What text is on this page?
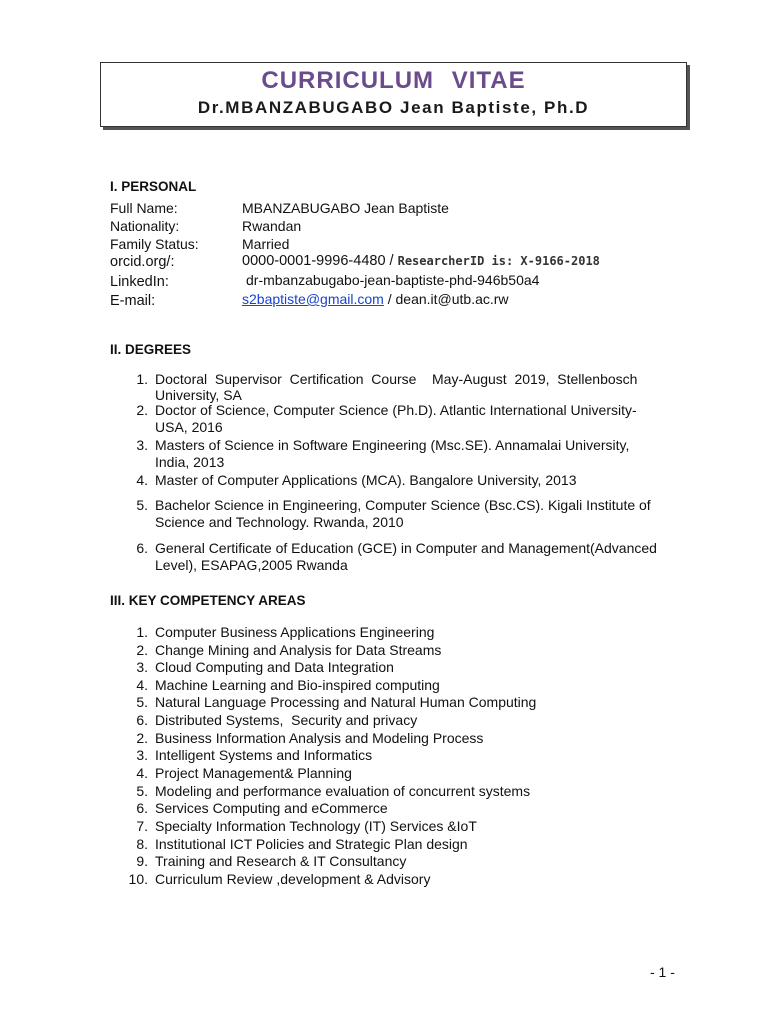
CURRICULUM VITAE
Dr.MBANZABUGABO Jean Baptiste, Ph.D
I. PERSONAL
Full Name:	MBANZABUGABO Jean Baptiste
Nationality:	Rwandan
Family Status:	Married
orcid.org/:	0000-0001-9996-4480 / ResearcherID is: X-9166-2018
LinkedIn:	dr-mbanzabugabo-jean-baptiste-phd-946b50a4
E-mail:	s2baptiste@gmail.com / dean.it@utb.ac.rw
II. DEGREES
1. Doctoral  Supervisor  Certification  Course    May-August  2019,  Stellenbosch
University, SA
2. Doctor of Science, Computer Science (Ph.D). Atlantic International University-
USA, 2016
3. Masters of Science in Software Engineering (Msc.SE). Annamalai University,
India, 2013
4. Master of Computer Applications (MCA). Bangalore University, 2013
5. Bachelor Science in Engineering, Computer Science (Bsc.CS). Kigali Institute of
Science and Technology. Rwanda, 2010
6. General Certificate of Education (GCE) in Computer and Management(Advanced
Level), ESAPAG,2005 Rwanda
III. KEY COMPETENCY AREAS
1. Computer Business Applications Engineering
2. Change Mining and Analysis for Data Streams
3. Cloud Computing and Data Integration
4. Machine Learning and Bio-inspired computing
5. Natural Language Processing and Natural Human Computing
6. Distributed Systems,  Security and privacy
2. Business Information Analysis and Modeling Process
3. Intelligent Systems and Informatics
4. Project Management& Planning
5. Modeling and performance evaluation of concurrent systems
6. Services Computing and eCommerce
7. Specialty Information Technology (IT) Services &IoT
8. Institutional ICT Policies and Strategic Plan design
9. Training and Research & IT Consultancy
10. Curriculum Review ,development & Advisory
- 1 -
